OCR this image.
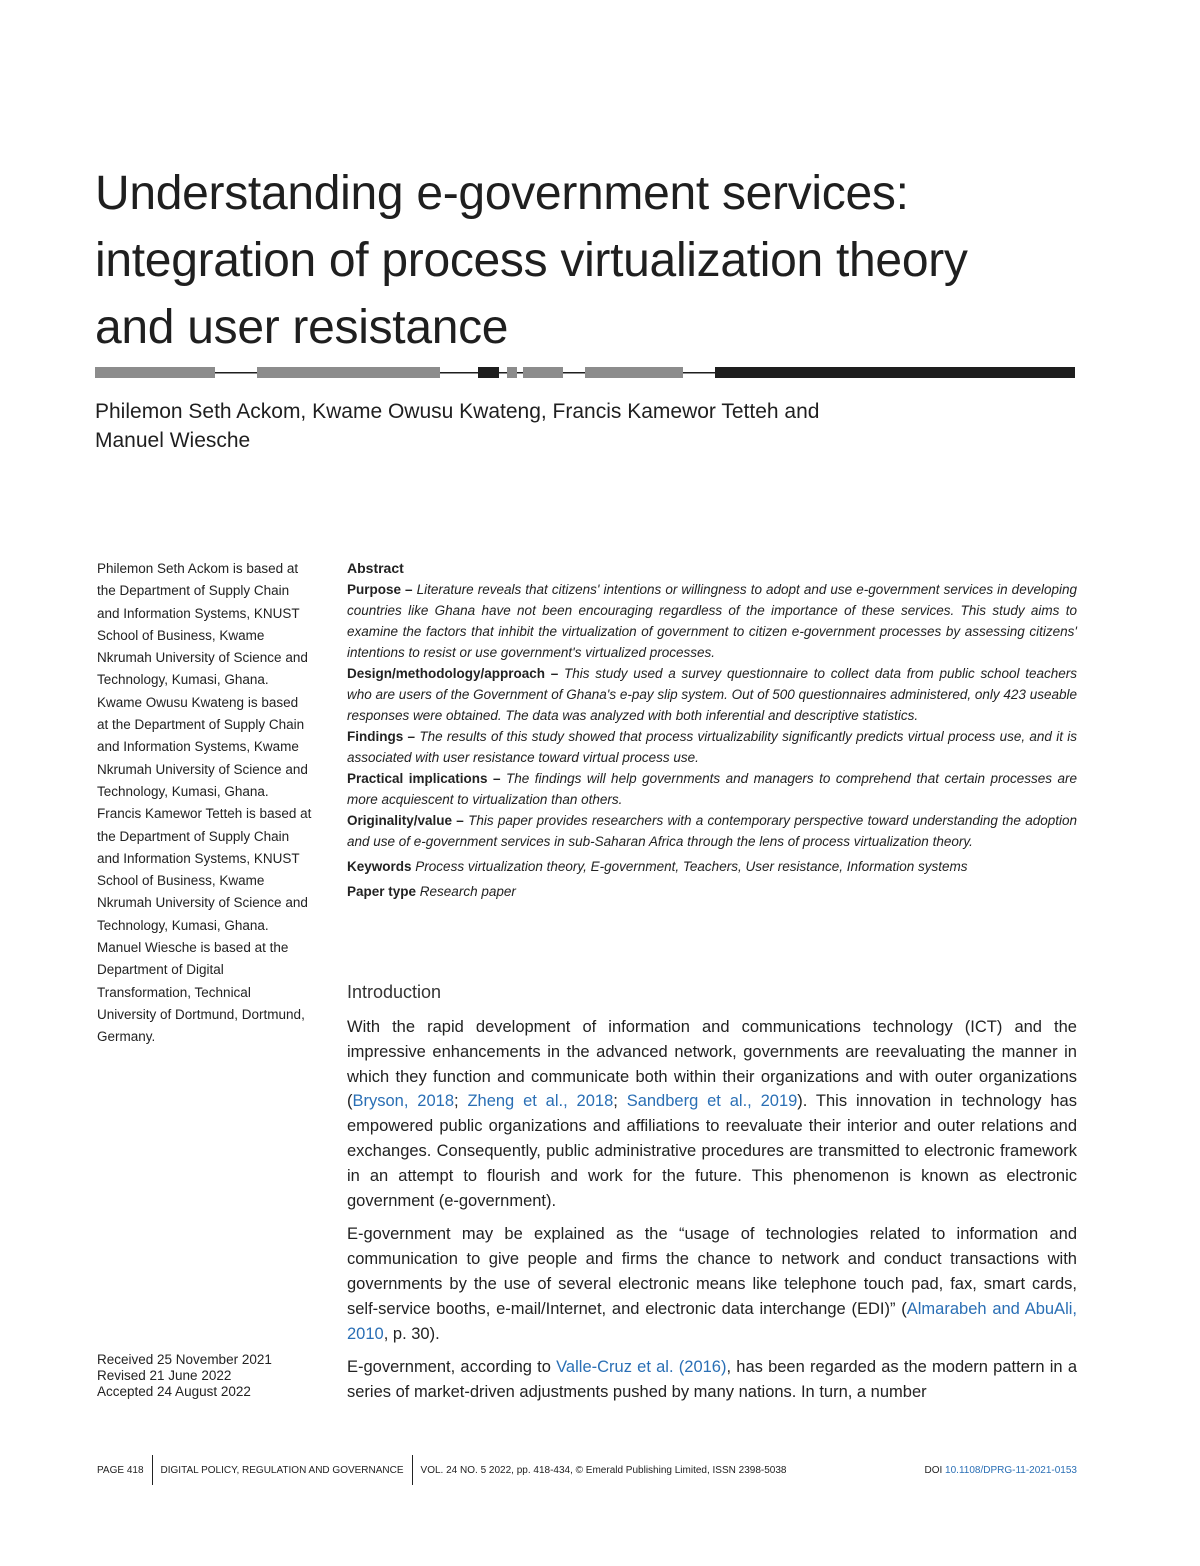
Understanding e-government services:
integration of process virtualization theory
and user resistance
Philemon Seth Ackom, Kwame Owusu Kwateng, Francis Kamewor Tetteh and
Manuel Wiesche

Philemon Seth Ackom is based at the Department of Supply Chain and Information Systems, KNUST School of Business, Kwame Nkrumah University of Science and Technology, Kumasi, Ghana.

Kwame Owusu Kwateng is based at the Department of Supply Chain and Information Systems, Kwame Nkrumah University of Science and Technology, Kumasi, Ghana.

Francis Kamewor Tetteh is based at the Department of Supply Chain and Information Systems, KNUST School of Business, Kwame Nkrumah University of Science and Technology, Kumasi, Ghana.

Manuel Wiesche is based at the Department of Digital Transformation, Technical University of Dortmund, Dortmund, Germany.

Received 25 November 2021
Revised 21 June 2022
Accepted 24 August 2022
Abstract

Purpose – Literature reveals that citizens' intentions or willingness to adopt and use e-government services in developing countries like Ghana have not been encouraging regardless of the importance of these services. This study aims to examine the factors that inhibit the virtualization of government to citizen e-government processes by assessing citizens' intentions to resist or use government's virtualized processes.

Design/methodology/approach – This study used a survey questionnaire to collect data from public school teachers who are users of the Government of Ghana's e-pay slip system. Out of 500 questionnaires administered, only 423 useable responses were obtained. The data was analyzed with both inferential and descriptive statistics.

Findings – The results of this study showed that process virtualizability significantly predicts virtual process use, and it is associated with user resistance toward virtual process use.

Practical implications – The findings will help governments and managers to comprehend that certain processes are more acquiescent to virtualization than others.

Originality/value – This paper provides researchers with a contemporary perspective toward understanding the adoption and use of e-government services in sub-Saharan Africa through the lens of process virtualization theory.

Keywords Process virtualization theory, E-government, Teachers, User resistance, Information systems

Paper type Research paper

Introduction

With the rapid development of information and communications technology (ICT) and the impressive enhancements in the advanced network, governments are reevaluating the manner in which they function and communicate both within their organizations and with outer organizations (Bryson, 2018; Zheng et al., 2018; Sandberg et al., 2019). This innovation in technology has empowered public organizations and affiliations to reevaluate their interior and outer relations and exchanges. Consequently, public administrative procedures are transmitted to electronic framework in an attempt to flourish and work for the future. This phenomenon is known as electronic government (e-government).

E-government may be explained as the “usage of technologies related to information and communication to give people and firms the chance to network and conduct transactions with governments by the use of several electronic means like telephone touch pad, fax, smart cards, self-service booths, e-mail/Internet, and electronic data interchange (EDI)” (Almarabeh and AbuAli, 2010, p. 30).

E-government, according to Valle-Cruz et al. (2016), has been regarded as the modern pattern in a series of market-driven adjustments pushed by many nations. In turn, a number

PAGE 418 DIGITAL POLICY, REGULATION AND GOVERNANCE VOL. 24 NO. 5 2022, pp. 418-434, © Emerald Publishing Limited, ISSN 2398-5038	DOI 10.1108/DPRG-11-2021-0153
